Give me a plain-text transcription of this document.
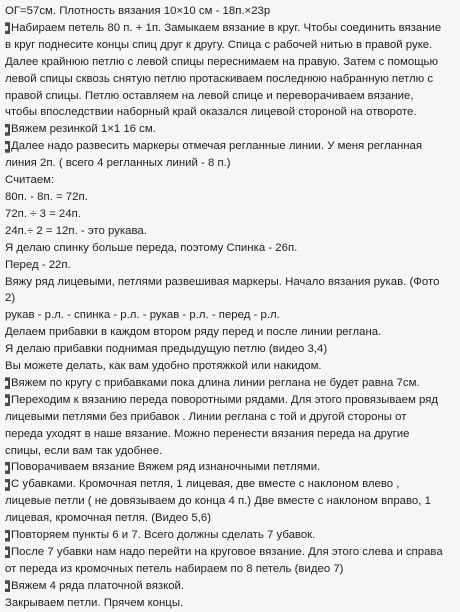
ОГ=57см. Плотность вязания 10×10 см - 18п.×23р
Набираем петель 80 п. + 1п. Замыкаем вязание в круг. Чтобы соединить вязание
в круг поднесите концы спиц друг к другу. Спица с рабочей нитью в правой руке.
Далее крайнюю петлю с левой спицы переснимаем на правую. Затем с помощью
левой спицы сквозь снятую петлю протаскиваем последнюю набранную петлю с
правой спицы. Петлю оставляем на левой спице и переворачиваем вязание,
чтобы впоследствии наборный край оказался лицевой стороной на отвороте.
Вяжем резинкой 1×1 16 см.
Далее надо развесить маркеры отмечая регланные линии. У меня регланная
линия 2п. ( всего 4 регланных линий - 8 п.)
Считаем:
80п. - 8п. = 72п.
72п. ÷ 3 = 24п.
24п.÷ 2 = 12п. - это рукава.
Я делаю спинку больше переда, поэтому Спинка - 26п.
Перед - 22п.
Вяжу ряд лицевыми, петлями развешивая маркеры. Начало вязания рукав. (Фото
2)
рукав - р.л. - спинка - р.л. - рукав - р.л. - перед - р.л.
Делаем прибавки в каждом втором ряду перед и после линии реглана.
Я делаю прибавки поднимая предыдущую петлю (видео 3,4)
Вы можете делать, как вам удобно протяжкой или накидом.
Вяжем по кругу с прибавками пока длина линии реглана не будет равна 7см.
Переходим к вязанию переда поворотными рядами. Для этого провязываем ряд
лицевыми петлями без прибавок . Линии реглана с той и другой стороны от
переда уходят в наше вязание. Можно перенести вязания переда на другие
спицы, если вам так удобнее.
Поворачиваем вязание Вяжем ряд изнаночными петлями.
С убавками. Кромочная петля, 1 лицевая, две вместе с наклоном влево ,
лицевые петли ( не довязываем до конца 4 п.) Две вместе с наклоном вправо, 1
лицевая, кромочная петля. (Видео 5,6)
Повторяем пункты 6 и 7. Всего должны сделать 7 убавок.
После 7 убавки нам надо перейти на круговое вязание. Для этого слева и справа
от переда из кромочных петель набираем по 8 петель (видео 7)
Вяжем 4 ряда платочной вязкой.
Закрываем петли. Прячем концы.
